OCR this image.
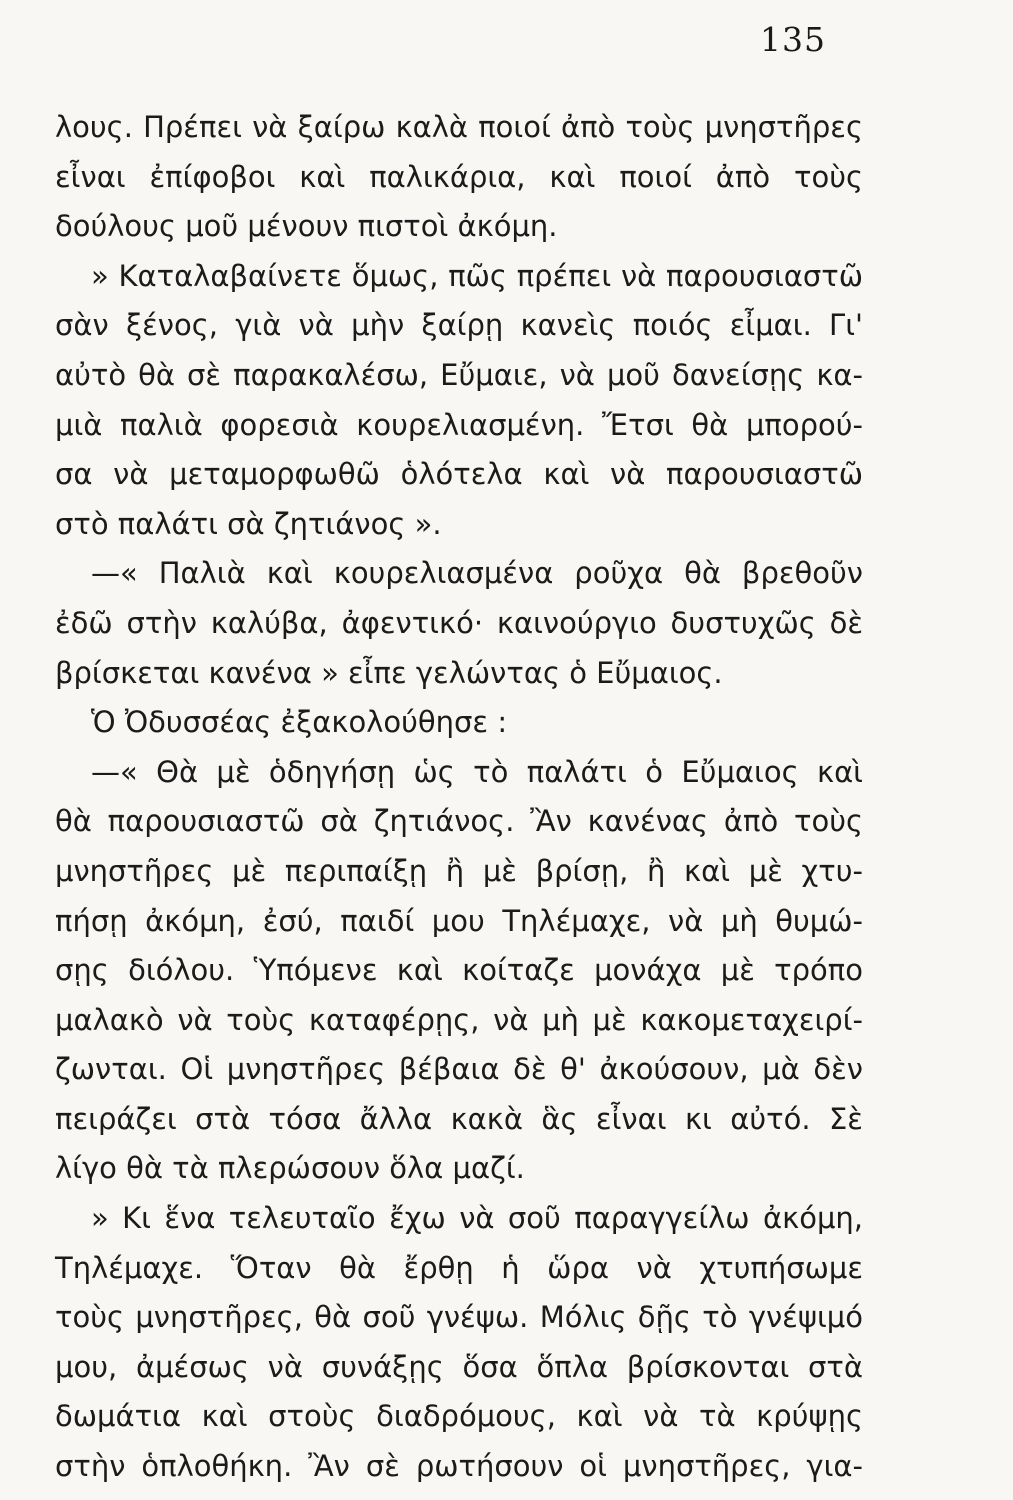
135
λους. Πρέπει νὰ ξαίρω καλὰ ποιοί ἀπὸ τοὺς μνηστῆρες
εἶναι ἐπίφοβοι καὶ παλικάρια, καὶ ποιοί ἀπὸ τοὺς
δούλους μοῦ μένουν πιστοὶ ἀκόμη.
» Καταλαβαίνετε ὅμως, πῶς πρέπει νὰ παρουσιαστῶ
σὰν ξένος, γιὰ νὰ μὴν ξαίρῃ κανεὶς ποιός εἶμαι. Γι'
αὐτὸ θὰ σὲ παρακαλέσω, Εὔμαιε, νὰ μοῦ δανείσῃς κα-
μιὰ παλιὰ φορεσιὰ κουρελιασμένη. Ἔτσι θὰ μπορού-
σα νὰ μεταμορφωθῶ ὁλότελα καὶ νὰ παρουσιαστῶ
στὸ παλάτι σὰ ζητιάνος ».
—« Παλιὰ καὶ κουρελιασμένα ροῦχα θὰ βρεθοῦν
ἐδῶ στὴν καλύβα, ἀφεντικό· καινούργιο δυστυχῶς δὲ
βρίσκεται κανένα » εἶπε γελώντας ὁ Εὔμαιος.
Ὁ Ὀδυσσέας ἐξακολούθησε :
—« Θὰ μὲ ὁδηγήσῃ ὡς τὸ παλάτι ὁ Εὔμαιος καὶ
θὰ παρουσιαστῶ σὰ ζητιάνος. Ἂν κανένας ἀπὸ τοὺς
μνηστῆρες μὲ περιπαίξῃ ἢ μὲ βρίσῃ, ἢ καὶ μὲ χτυ-
πήσῃ ἀκόμη, ἐσύ, παιδί μου Τηλέμαχε, νὰ μὴ θυμώ-
σῃς διόλου. Ὑπόμενε καὶ κοίταζε μονάχα μὲ τρόπο
μαλακὸ νὰ τοὺς καταφέρῃς, νὰ μὴ μὲ κακομεταχειρί-
ζωνται. Οἱ μνηστῆρες βέβαια δὲ θ' ἀκούσουν, μὰ δὲν
πειράζει στὰ τόσα ἄλλα κακὰ ἃς εἶναι κι αὐτό. Σὲ
λίγο θὰ τὰ πλερώσουν ὅλα μαζί.
» Κι ἕνα τελευταῖο ἔχω νὰ σοῦ παραγγείλω ἀκόμη,
Τηλέμαχε. Ὅταν θὰ ἔρθῃ ἡ ὥρα νὰ χτυπήσωμε
τοὺς μνηστῆρες, θὰ σοῦ γνέψω. Μόλις δῇς τὸ γνέψιμό
μου, ἀμέσως νὰ συνάξῃς ὅσα ὅπλα βρίσκονται στὰ
δωμάτια καὶ στοὺς διαδρόμους, καὶ νὰ τὰ κρύψῃς
στὴν ὁπλοθήκη. Ἂν σὲ ρωτήσουν οἱ μνηστῆρες, για-
